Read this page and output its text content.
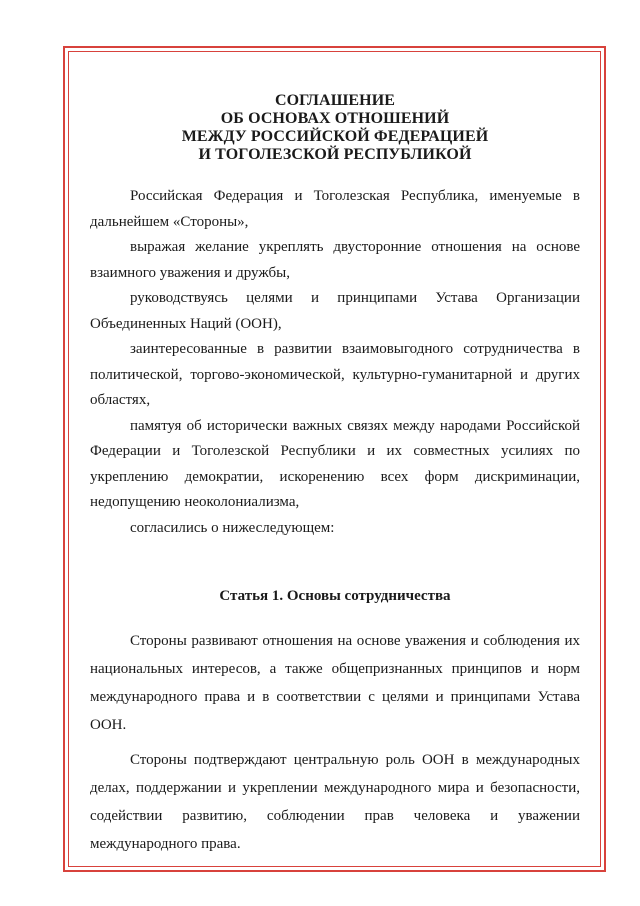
СОГЛАШЕНИЕ
ОБ ОСНОВАХ ОТНОШЕНИЙ
МЕЖДУ РОССИЙСКОЙ ФЕДЕРАЦИЕЙ
И ТОГОЛЕЗСКОЙ РЕСПУБЛИКОЙ

Российская Федерация и Тоголезская Республика, именуемые в дальнейшем «Стороны»,

выражая желание укреплять двусторонние отношения на основе взаимного уважения и дружбы,

руководствуясь целями и принципами Устава Организации Объединенных Наций (ООН),

заинтересованные в развитии взаимовыгодного сотрудничества в политической, торгово-экономической, культурно-гуманитарной и других областях,

памятуя об исторически важных связях между народами Российской Федерации и Тоголезской Республики и их совместных усилиях по укреплению демократии, искоренению всех форм дискриминации, недопущению неоколониализма,

согласились о нижеследующем:

Статья 1. Основы сотрудничества

Стороны развивают отношения на основе уважения и соблюдения их национальных интересов, а также общепризнанных принципов и норм международного права и в соответствии с целями и принципами Устава ООН.

Стороны подтверждают центральную роль ООН в международных делах, поддержании и укреплении международного мира и безопасности, содействии развитию, соблюдении прав человека и уважении международного права.
